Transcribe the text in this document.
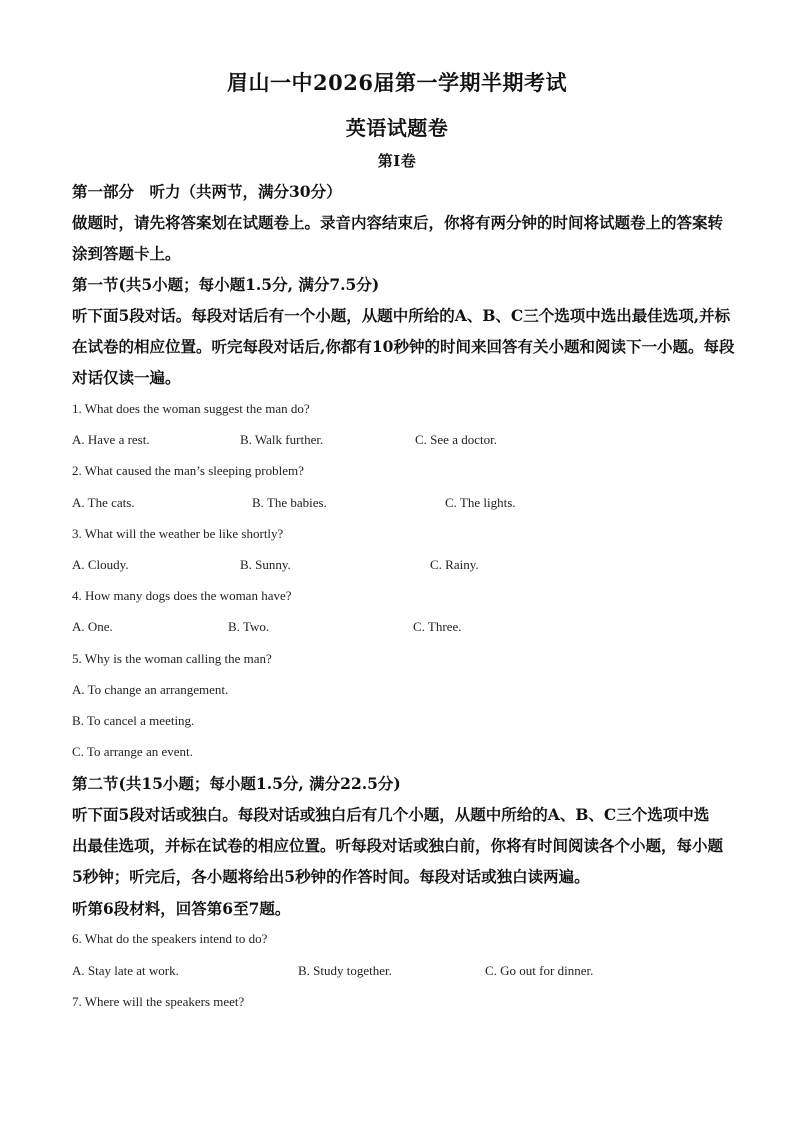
眉山一中2026届第一学期半期考试
英语试题卷
第I卷
第一部分　听力（共两节，满分30分）
做题时，请先将答案划在试题卷上。录音内容结束后，你将有两分钟的时间将试题卷上的答案转涂到答题卡上。
第一节(共5小题；每小题1.5分, 满分7.5分)
听下面5段对话。每段对话后有一个小题，从题中所给的A、B、C三个选项中选出最佳选项,并标在试卷的相应位置。听完每段对话后,你都有10秒钟的时间来回答有关小题和阅读下一小题。每段对话仅读一遍。
1. What does the woman suggest the man do?
A. Have a rest.	B. Walk further.	C. See a doctor.
2. What caused the man’s sleeping problem?
A. The cats.	B. The babies.	C. The lights.
3. What will the weather be like shortly?
A. Cloudy.	B. Sunny.	C. Rainy.
4. How many dogs does the woman have?
A. One.	B. Two.	C. Three.
5. Why is the woman calling the man?
A. To change an arrangement.
B. To cancel a meeting.
C. To arrange an event.
第二节(共15小题；每小题1.5分, 满分22.5分)
听下面5段对话或独白。每段对话或独白后有几个小题，从题中所给的A、B、C三个选项中选出最佳选项，并标在试卷的相应位置。听每段对话或独白前，你将有时间阅读各个小题，每小题5秒钟；听完后，各小题将给出5秒钟的作答时间。每段对话或独白读两遍。
听第6段材料，回答第6至7题。
6. What do the speakers intend to do?
A. Stay late at work.	B. Study together.	C. Go out for dinner.
7. Where will the speakers meet?
